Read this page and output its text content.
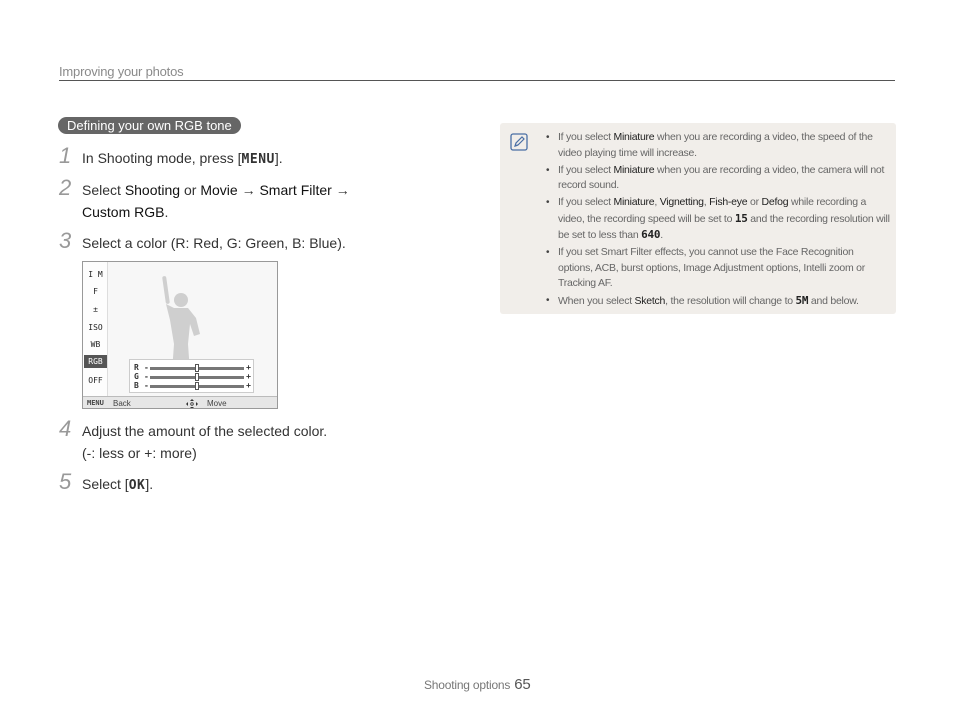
Improving your photos
Defining your own RGB tone
1 In Shooting mode, press [MENU].
2 Select Shooting or Movie → Smart Filter →
Custom RGB.
3 Select a color (R: Red, G: Green, B: Blue).
I M
F
±
ISO
WB
RGB
OFF
R -	+
G -	+
B -	+
MENU Back	Move
4 Adjust the amount of the selected color.
(-: less or +: more)
5 Select [OK].
• If you select Miniature when you are recording a video, the speed of the video playing time will increase.
• If you select Miniature when you are recording a video, the camera will not record sound.
• If you select Miniature, Vignetting, Fish-eye or Defog while recording a video, the recording speed will be set to 15 and the recording resolution will be set to less than 640.
• If you set Smart Filter effects, you cannot use the Face Recognition options, ACB, burst options, Image Adjustment options, Intelli zoom or Tracking AF.
• When you select Sketch, the resolution will change to 5M and below.
Shooting options 65
